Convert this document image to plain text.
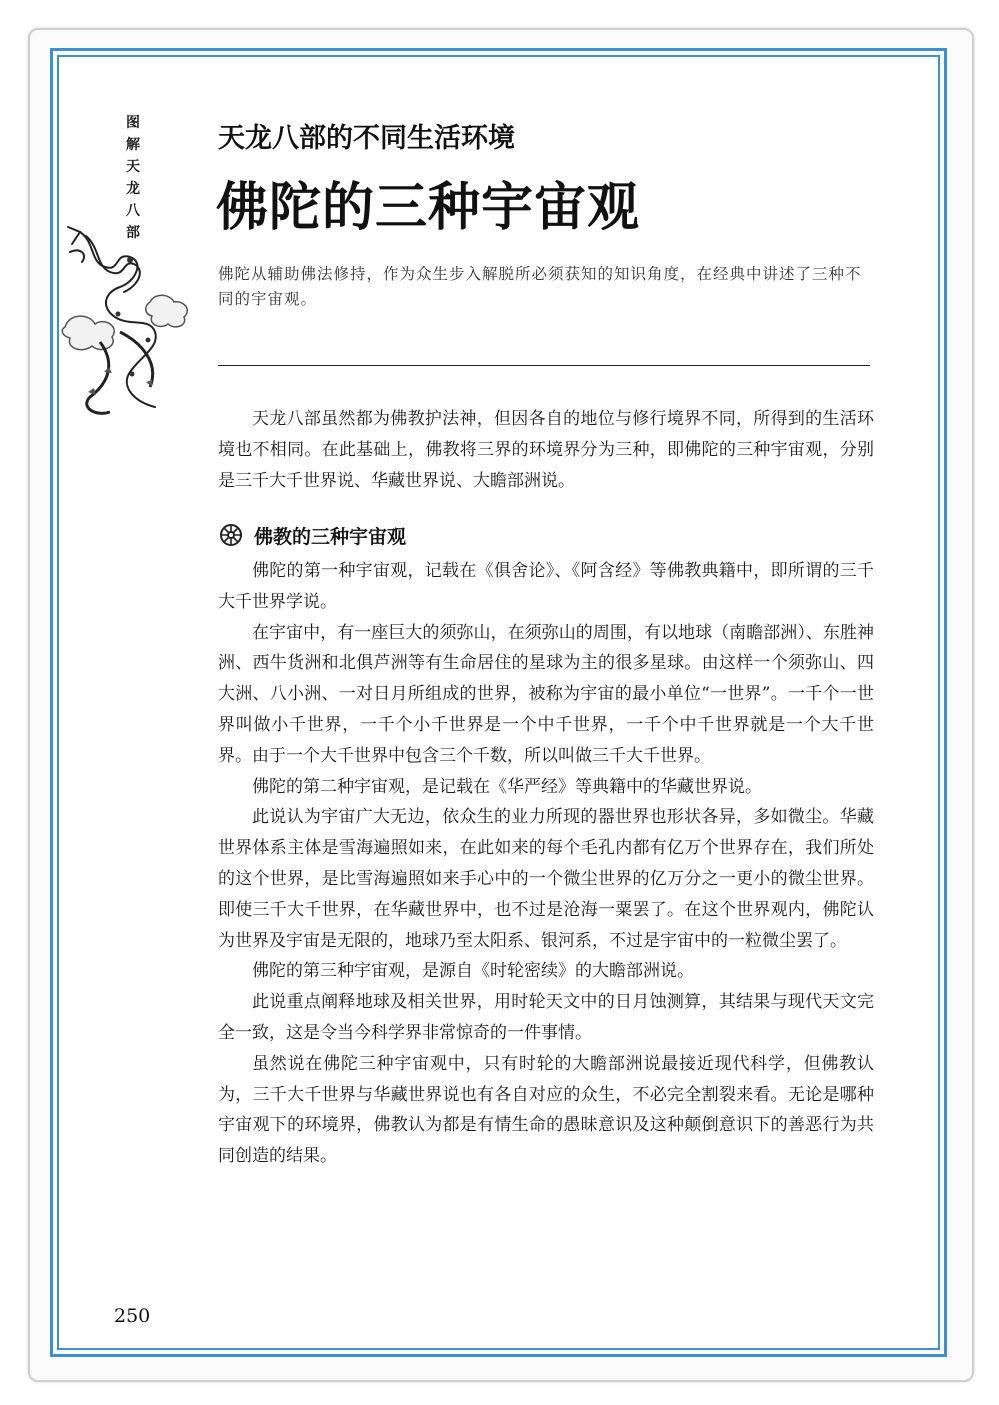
图
解
天
龙
八
部
天龙八部的不同生活环境
佛陀的三种宇宙观
佛陀从辅助佛法修持，作为众生步入解脱所必须获知的知识角度，在经典中讲述了三种不同的宇宙观。

天龙八部虽然都为佛教护法神，但因各自的地位与修行境界不同，所得到的生活环境也不相同。在此基础上，佛教将三界的环境界分为三种，即佛陀的三种宇宙观，分别是三千大千世界说、华藏世界说、大瞻部洲说。

佛教的三种宇宙观

佛陀的第一种宇宙观，记载在《俱舍论》、《阿含经》等佛教典籍中，即所谓的三千大千世界学说。

在宇宙中，有一座巨大的须弥山，在须弥山的周围，有以地球（南瞻部洲）、东胜神洲、西牛货洲和北俱芦洲等有生命居住的星球为主的很多星球。由这样一个须弥山、四大洲、八小洲、一对日月所组成的世界，被称为宇宙的最小单位“一世界”。一千个一世界叫做小千世界，一千个小千世界是一个中千世界，一千个中千世界就是一个大千世界。由于一个大千世界中包含三个千数，所以叫做三千大千世界。

佛陀的第二种宇宙观，是记载在《华严经》等典籍中的华藏世界说。

此说认为宇宙广大无边，依众生的业力所现的器世界也形状各异，多如微尘。华藏世界体系主体是雪海遍照如来，在此如来的每个毛孔内都有亿万个世界存在，我们所处的这个世界，是比雪海遍照如来手心中的一个微尘世界的亿万分之一更小的微尘世界。即使三千大千世界，在华藏世界中，也不过是沧海一粟罢了。在这个世界观内，佛陀认为世界及宇宙是无限的，地球乃至太阳系、银河系，不过是宇宙中的一粒微尘罢了。

佛陀的第三种宇宙观，是源自《时轮密续》的大瞻部洲说。

此说重点阐释地球及相关世界，用时轮天文中的日月蚀测算，其结果与现代天文完全一致，这是令当今科学界非常惊奇的一件事情。

虽然说在佛陀三种宇宙观中，只有时轮的大瞻部洲说最接近现代科学，但佛教认为，三千大千世界与华藏世界说也有各自对应的众生，不必完全割裂来看。无论是哪种宇宙观下的环境界，佛教认为都是有情生命的愚昧意识及这种颠倒意识下的善恶行为共同创造的结果。

250
